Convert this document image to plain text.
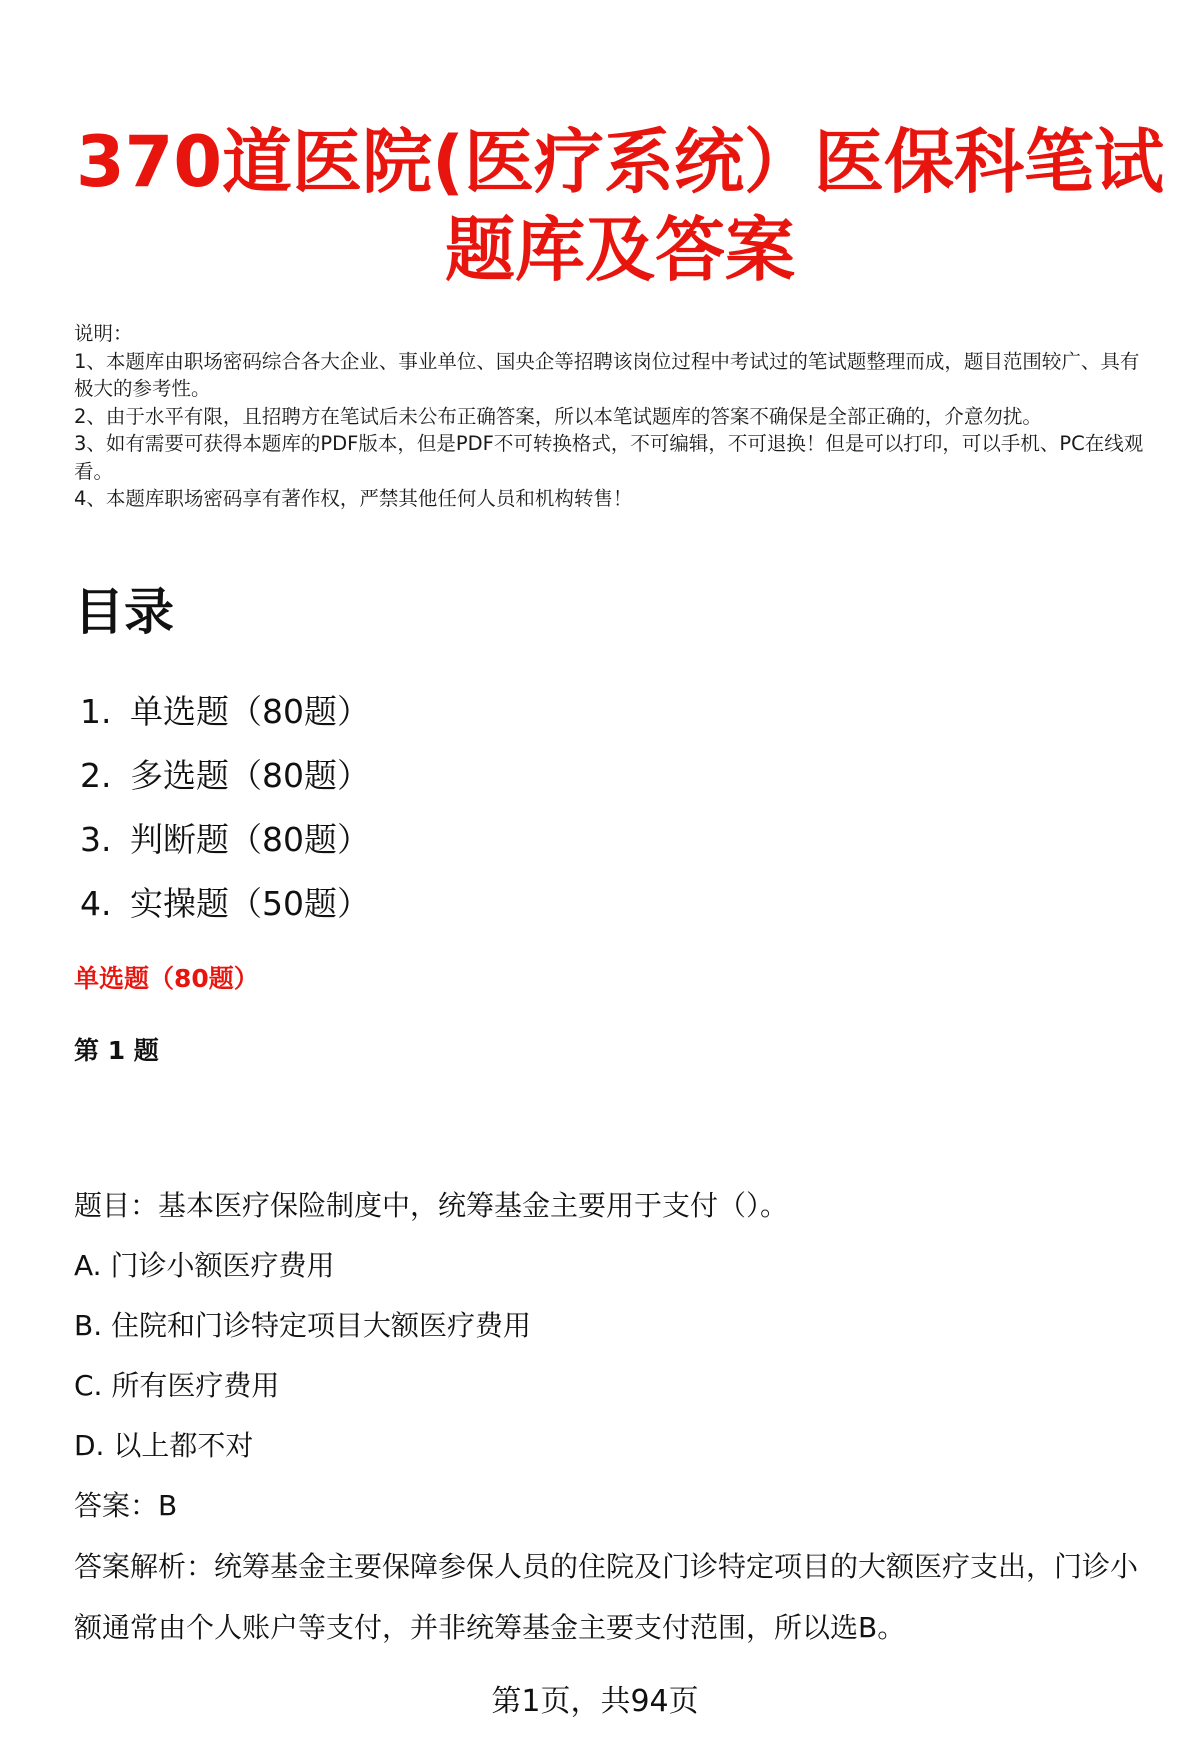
370道医院(医疗系统）医保科笔试题库及答案

说明：

1、本题库由职场密码综合各大企业、事业单位、国央企等招聘该岗位过程中考试过的笔试题整理而成，题目范围较广、具有极大的参考性。

2、由于水平有限，且招聘方在笔试后未公布正确答案，所以本笔试题库的答案不确保是全部正确的，介意勿扰。

3、如有需要可获得本题库的PDF版本，但是PDF不可转换格式，不可编辑，不可退换！但是可以打印，可以手机、PC在线观看。

4、本题库职场密码享有著作权，严禁其他任何人员和机构转售！

目录
1. 单选题（80题）
2. 多选题（80题）
3. 判断题（80题）
4. 实操题（50题）
单选题（80题）
第 1 题

题目：基本医疗保险制度中，统筹基金主要用于支付（）。

A. 门诊小额医疗费用

B. 住院和门诊特定项目大额医疗费用

C. 所有医疗费用

D. 以上都不对

答案：B

答案解析：统筹基金主要保障参保人员的住院及门诊特定项目的大额医疗支出，门诊小额通常由个人账户等支付，并非统筹基金主要支付范围，所以选B。

第1页，共94页
